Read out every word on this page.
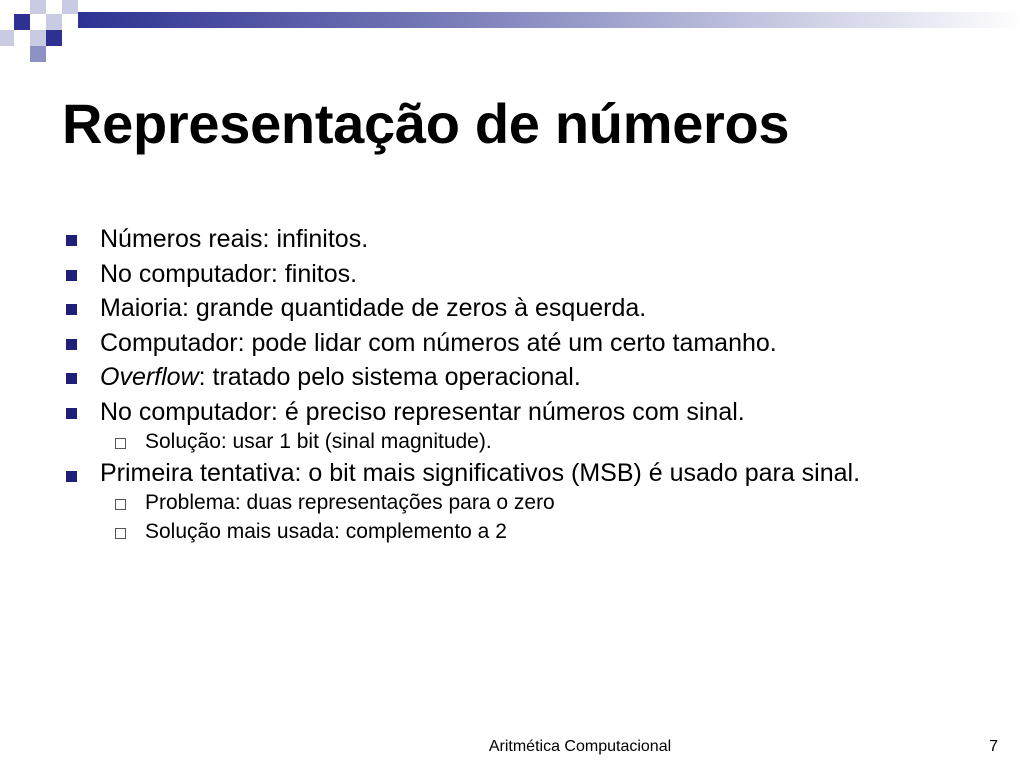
Representação de números
Números reais: infinitos.
No computador: finitos.
Maioria: grande quantidade de zeros à esquerda.
Computador: pode lidar com números até um certo tamanho.
Overflow: tratado pelo sistema operacional.
No computador: é preciso representar números com sinal.
Solução: usar 1 bit (sinal magnitude).
Primeira tentativa: o bit mais significativos (MSB) é usado para sinal.
Problema: duas representações para o zero
Solução mais usada: complemento a 2
Aritmética Computacional	7
